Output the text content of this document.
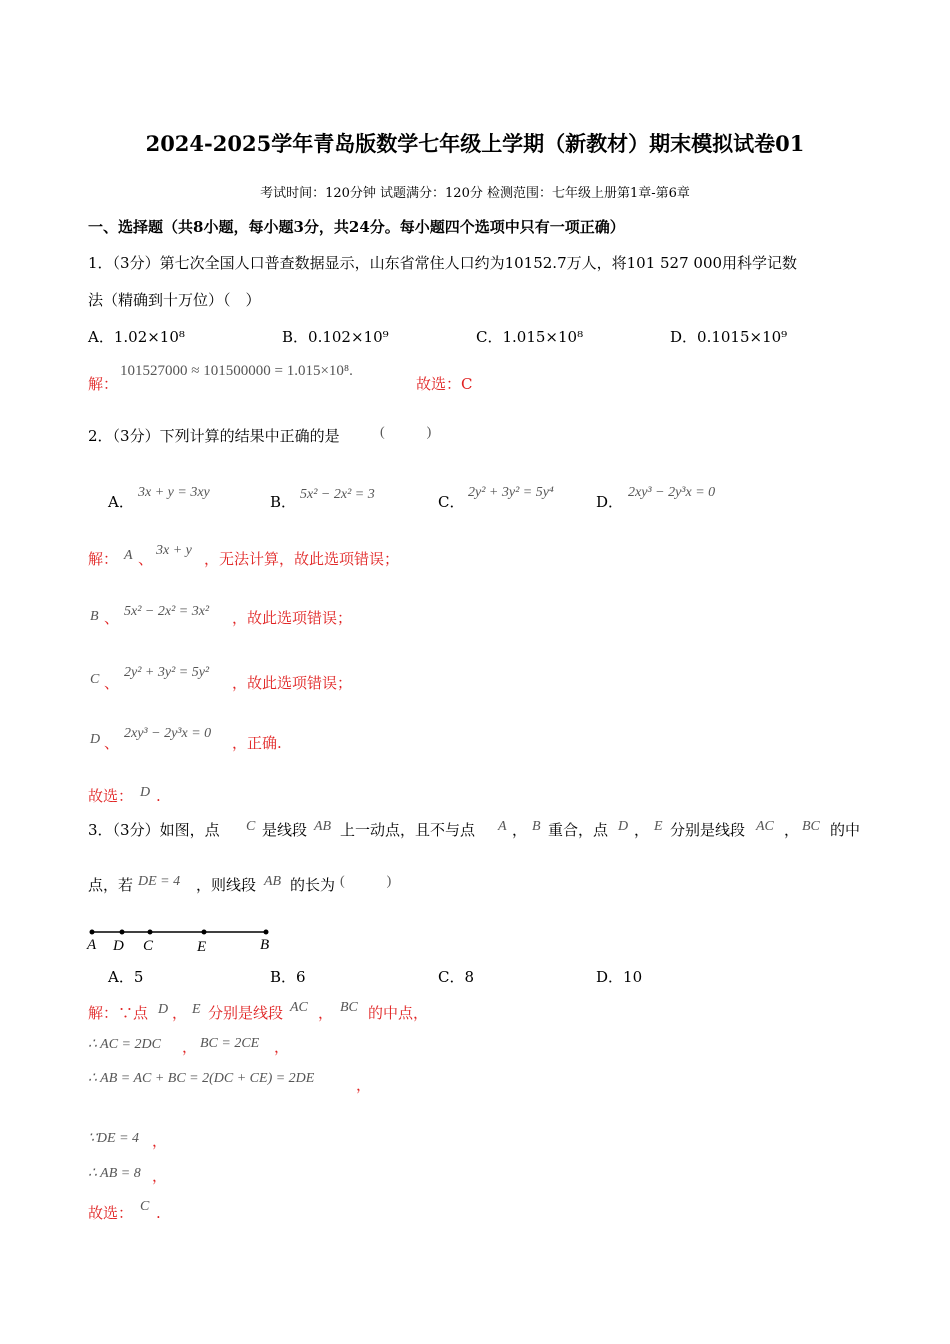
2024-2025学年青岛版数学七年级上学期（新教材）期末模拟试卷01
考试时间：120分钟 试题满分：120分 检测范围：七年级上册第1章-第6章
一、选择题（共8小题，每小题3分，共24分。每小题四个选项中只有一项正确）
1．（3分）第七次全国人口普查数据显示，山东省常住人口约为10152.7万人，将101 527 000用科学记数
法（精确到十万位）（　）
A．1.02×10⁸	B．0.102×10⁹	C．1.015×10⁸	D．0.1015×10⁹
解：
101527000 ≈ 101500000 = 1.015×10⁸.
故选：C
2．（3分）下列计算的结果中正确的是	(　　　)
A．
3x + y = 3xy
B． 5x² − 2x² = 3	C．
2y² + 3y² = 5y⁴
D．
2xy³ − 2y³x = 0
解： A 、 3x + y ，无法计算，故此选项错误；
B 、 5x² − 2x² = 3x² ，故此选项错误；
C 、
2y² + 3y² = 5y²
，故此选项错误；
D 、
2xy³ − 2y³x = 0
，正确.
故选： D .
3．（3分）如图，点 C 是线段 AB 上一动点，且不与点 A ， B 重合，点 D ， E 分别是线段 AC ， BC 的中
点，若 DE = 4 ，则线段 AB 的长为 (　　　)
A D C	E	B
A．5	B．6	C．8	D．10
解：∵点 D ， E 分别是线段 AC ， BC 的中点，
∴ AC = 2DC ， BC = 2CE ，
∴ AB = AC + BC = 2(DC + CE) = 2DE	，
∵DE = 4 ，
∴ AB = 8 ，
故选： C .
